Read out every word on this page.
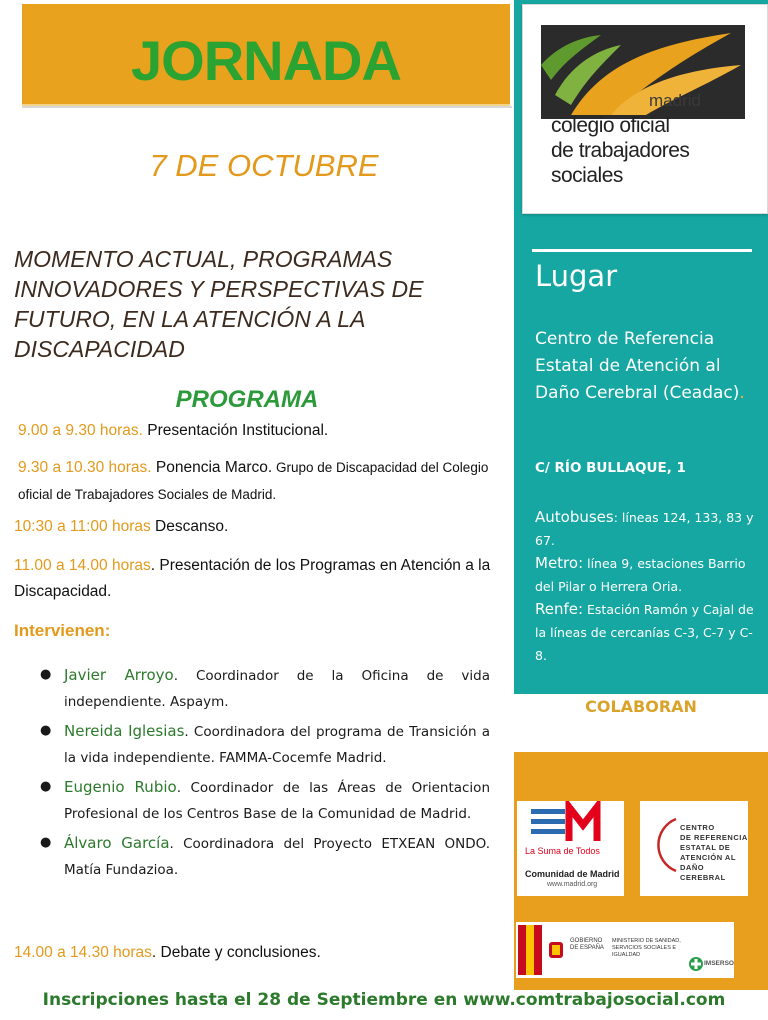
JORNADA
7 DE OCTUBRE
MOMENTO ACTUAL, PROGRAMAS INNOVADORES Y PERSPECTIVAS DE FUTURO, EN LA ATENCIÓN A LA DISCAPACIDAD
PROGRAMA
9.00 a 9.30 horas. Presentación Institucional.
9.30 a 10.30 horas. Ponencia Marco. Grupo de Discapacidad del Colegio oficial de Trabajadores Sociales de Madrid.
10:30 a 11:00 horas Descanso.
11.00 a 14.00 horas. Presentación de los Programas en Atención a la Discapacidad.
Intervienen:
● Javier Arroyo. Coordinador de la Oficina de vida independiente. Aspaym.
● Nereida Iglesias. Coordinadora del programa de Transición a la vida independiente. FAMMA-Cocemfe Madrid.
● Eugenio Rubio. Coordinador de las Áreas de Orientacion Profesional de los Centros Base de la Comunidad de Madrid.
● Álvaro García. Coordinadora del Proyecto ETXEAN ONDO. Matía Fundazioa.
14.00 a 14.30 horas. Debate y conclusiones.
madrid
colegio oficial
de trabajadores
sociales
Lugar
Centro de Referencia Estatal de Atención al Daño Cerebral (Ceadac).
C/ RÍO BULLAQUE, 1
Autobuses: líneas 124, 133, 83 y 67.
Metro: línea 9, estaciones Barrio del Pilar o Herrera Oria.
Renfe: Estación Ramón y Cajal de la líneas de cercanías C-3, C-7 y C-8.
COLABORAN
La Suma de Todos
Comunidad de Madrid
www.madrid.org
CENTRO
DE REFERENCIA
ESTATAL DE
ATENCIÓN AL
DAÑO CEREBRAL
GOBIERNO DE ESPAÑA
MINISTERIO DE SANIDAD, SERVICIOS SOCIALES E IGUALDAD
IMSERSO
Inscripciones hasta el 28 de Septiembre en www.comtrabajosocial.com
